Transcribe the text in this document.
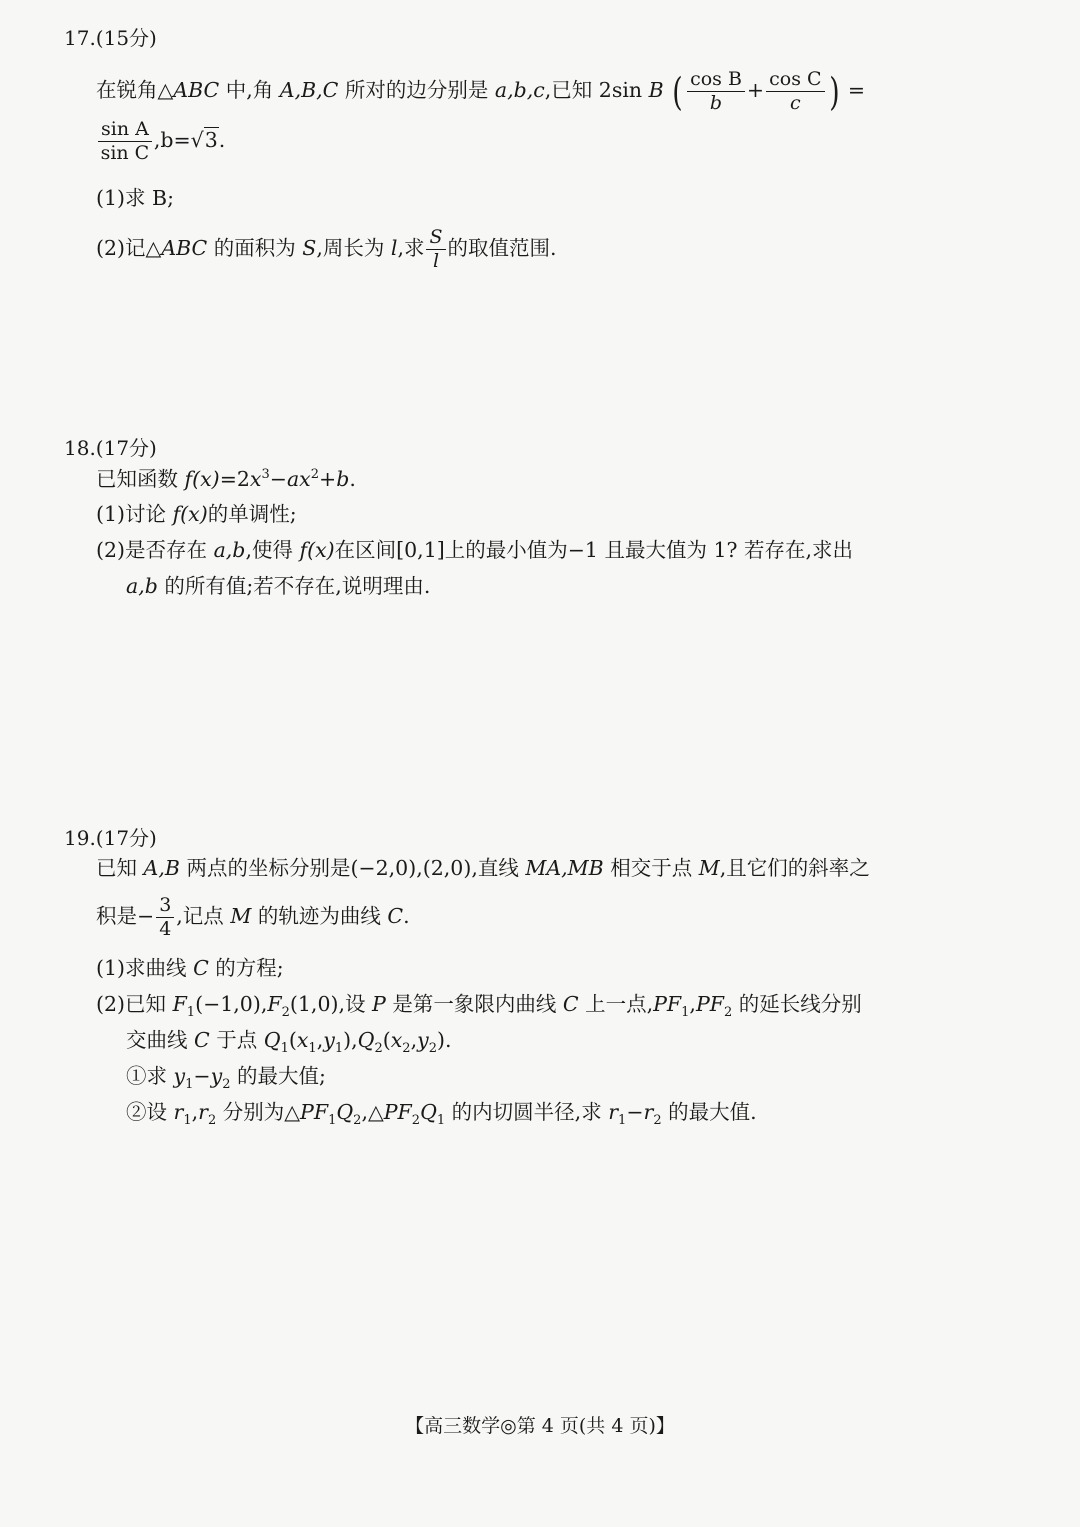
17.(15分)
在锐角△ABC 中,角 A,B,C 所对的边分别是 a,b,c,已知 2sin B ( $\frac{\text{cos B}}{b} + \frac{\text{cos C}}{c}$ ) =
$\frac{\text{sin A}}{\text{sin C}} ,b=√3$.
(1)求 B;
(2)记△ABC 的面积为 S,周长为 l,求 $\frac{S}{l}$ 的取值范围.
18.(17分)
已知函数 $f(x)=2x^3-ax^2+b$.
(1)讨论 f(x)的单调性;
(2)是否存在 a,b,使得 f(x)在区间[0,1]上的最小值为−1 且最大值为 1? 若存在,求出
a,b 的所有值;若不存在,说明理由.
19.(17分)
已知 A,B 两点的坐标分别是(−2,0),(2,0),直线 MA,MB 相交于点 M,且它们的斜率之
积是− $\frac{3}{4}$ ,记点 M 的轨迹为曲线 C.
(1)求曲线 C 的方程;
(2)已知 $F_1(-1,0),F_2(1,0)$,设 P 是第一象限内曲线 C 上一点$,PF_1,PF_2$ 的延长线分别
交曲线 C 于点 $Q_1(x_1,y_1),Q_2(x_2,y_2)$.
①求 $y_1-y_2$ 的最大值;
②设 $r_1,r_2$ 分别为$\triangle PF_1Q_2,\triangle PF_2Q_1$ 的内切圆半径,求 $r_1-r_2$ 的最大值.
【高三数学◎第 4 页(共 4 页)】
